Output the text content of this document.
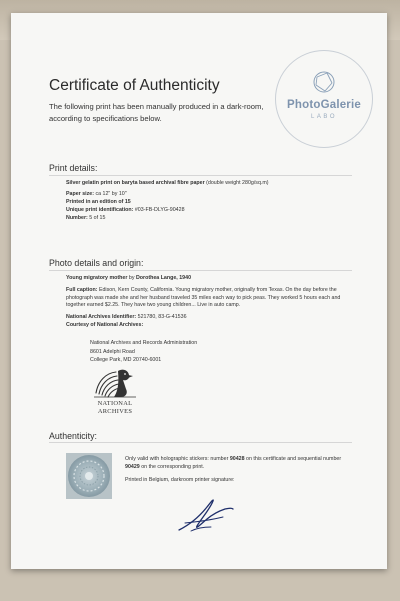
PhotoGalerie
LABO
Certificate of Authenticity
The following print has been manually produced in a dark-room, according to specifications below.
Print details:
Silver gelatin print on baryta based archival fibre paper (double weight 280g/sq.m)
Paper size: ca 12" by 10"
Printed in an edition of 15
Unique print identification: #03-FB-DLYG-90428
Number: 5 of 15
Photo details and origin:
Young migratory mother by Dorothea Lange, 1940
Full caption: Edison, Kern County, California. Young migratory mother, originally from Texas. On the day before the photograph was made she and her husband traveled 35 miles each way to pick peas. They worked 5 hours each and together earned $2.25. They have two young children... Live in auto camp.
National Archives Identifier: 521780, 83-G-41536
Courtesy of National Archives:
National Archives and Records Administration
8601 Adelphi Road
College Park, MD 20740-6001
NATIONAL
ARCHIVES
Authenticity:
Only valid with holographic stickers: number 90428 on this certificate and sequential number 90429 on the corresponding print.
Printed in Belgium, darkroom printer signature:
